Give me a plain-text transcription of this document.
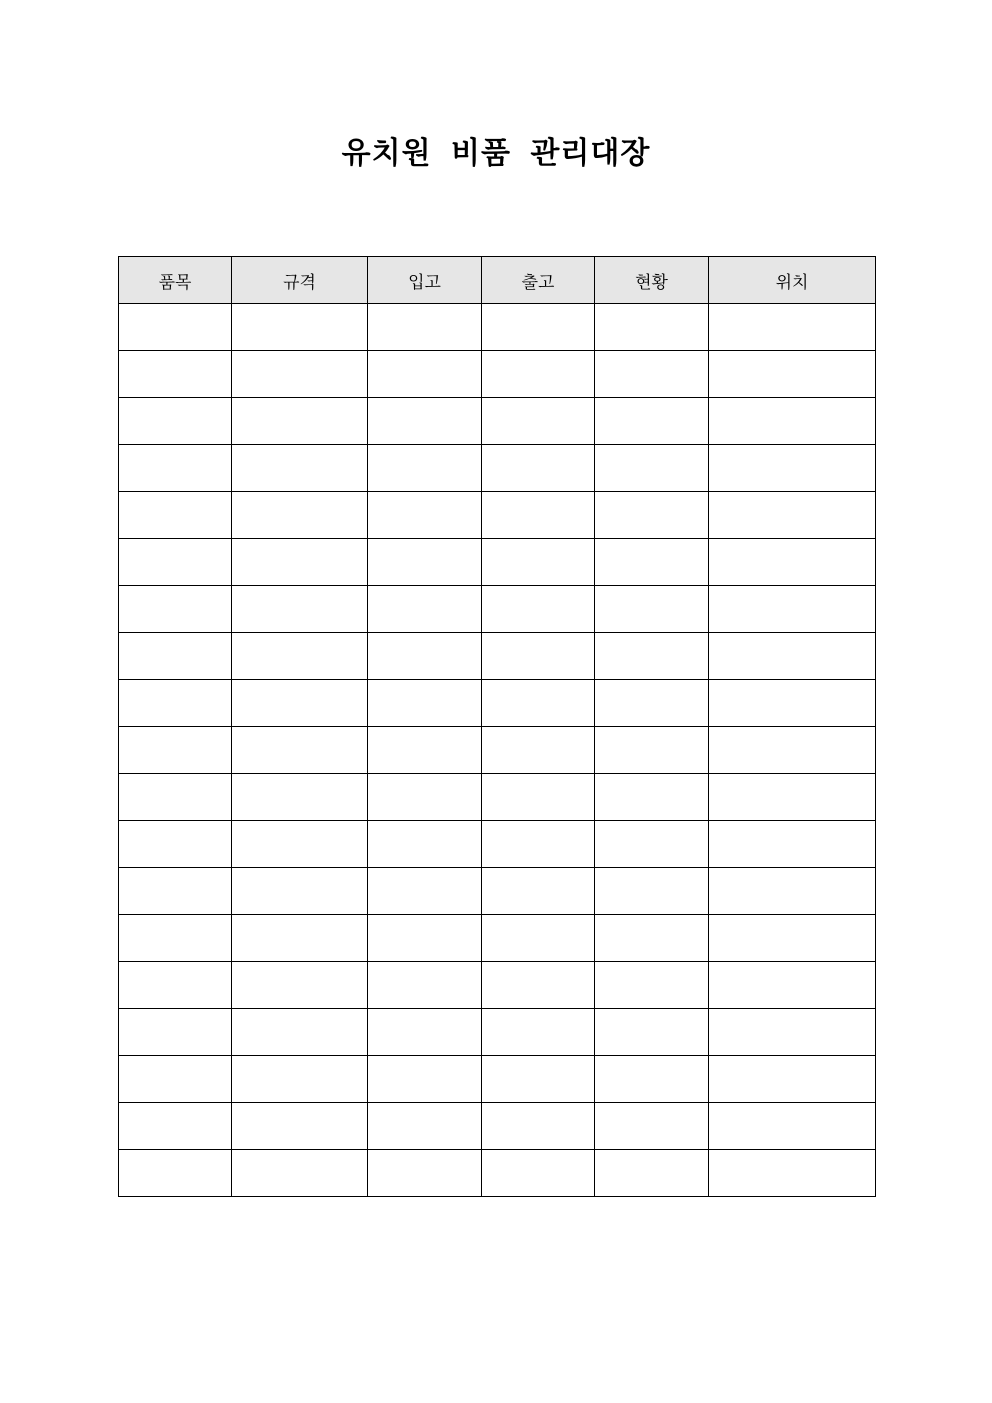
유치원 비품 관리대장
품목	규격	입고	출고	현황	위치
